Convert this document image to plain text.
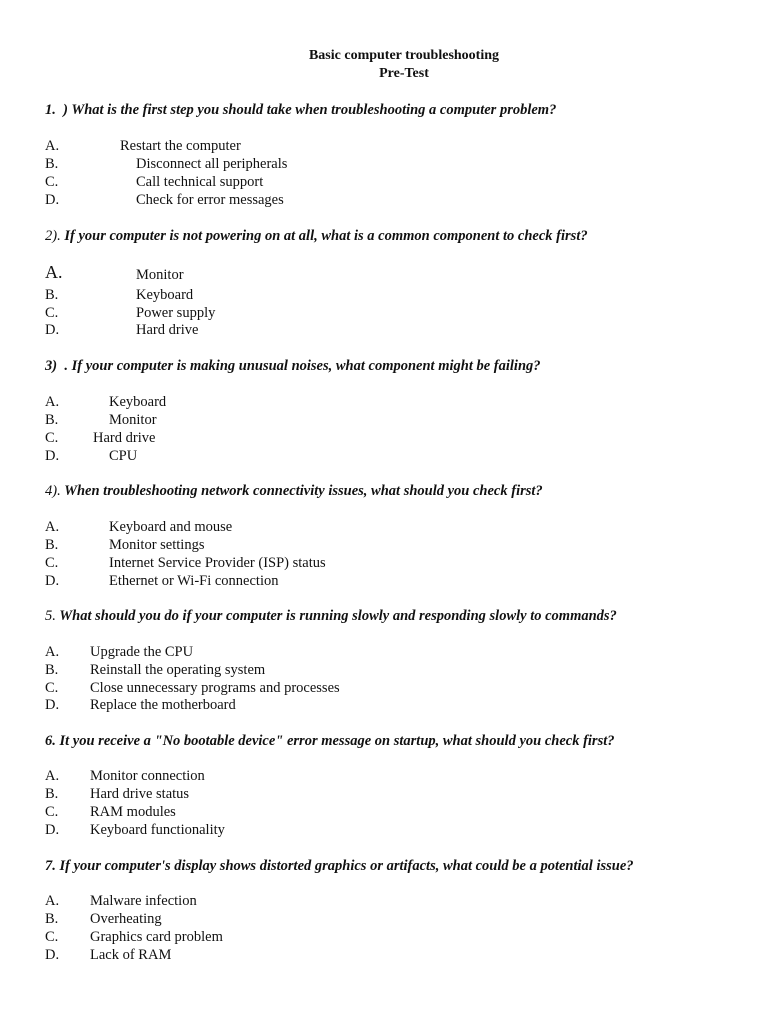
Basic computer troubleshooting
Pre-Test
1. ) What is the first step you should take when troubleshooting a computer problem?
A.	Restart the computer
B.	Disconnect all peripherals
C.	Call technical support
D.	Check for error messages
2). If your computer is not powering on at all, what is a common component to check first?
A.	Monitor
B.	Keyboard
C.	Power supply
D.	Hard drive
3) . If your computer is making unusual noises, what component might be failing?
A.	Keyboard
B.	Monitor
C. Hard drive
D.	CPU
4). When troubleshooting network connectivity issues, what should you check first?
A.	Keyboard and mouse
B.	Monitor settings
C.	Internet Service Provider (ISP) status
D.	Ethernet or Wi-Fi connection
5. What should you do if your computer is running slowly and responding slowly to commands?
A. Upgrade the CPU
B. Reinstall the operating system
C. Close unnecessary programs and processes
D. Replace the motherboard
6. It you receive a "No bootable device" error message on startup, what should you check first?
A. Monitor connection
B. Hard drive status
C. RAM modules
D. Keyboard functionality
7. If your computer's display shows distorted graphics or artifacts, what could be a potential issue?
A. Malware infection
B. Overheating
C. Graphics card problem
D. Lack of RAM
